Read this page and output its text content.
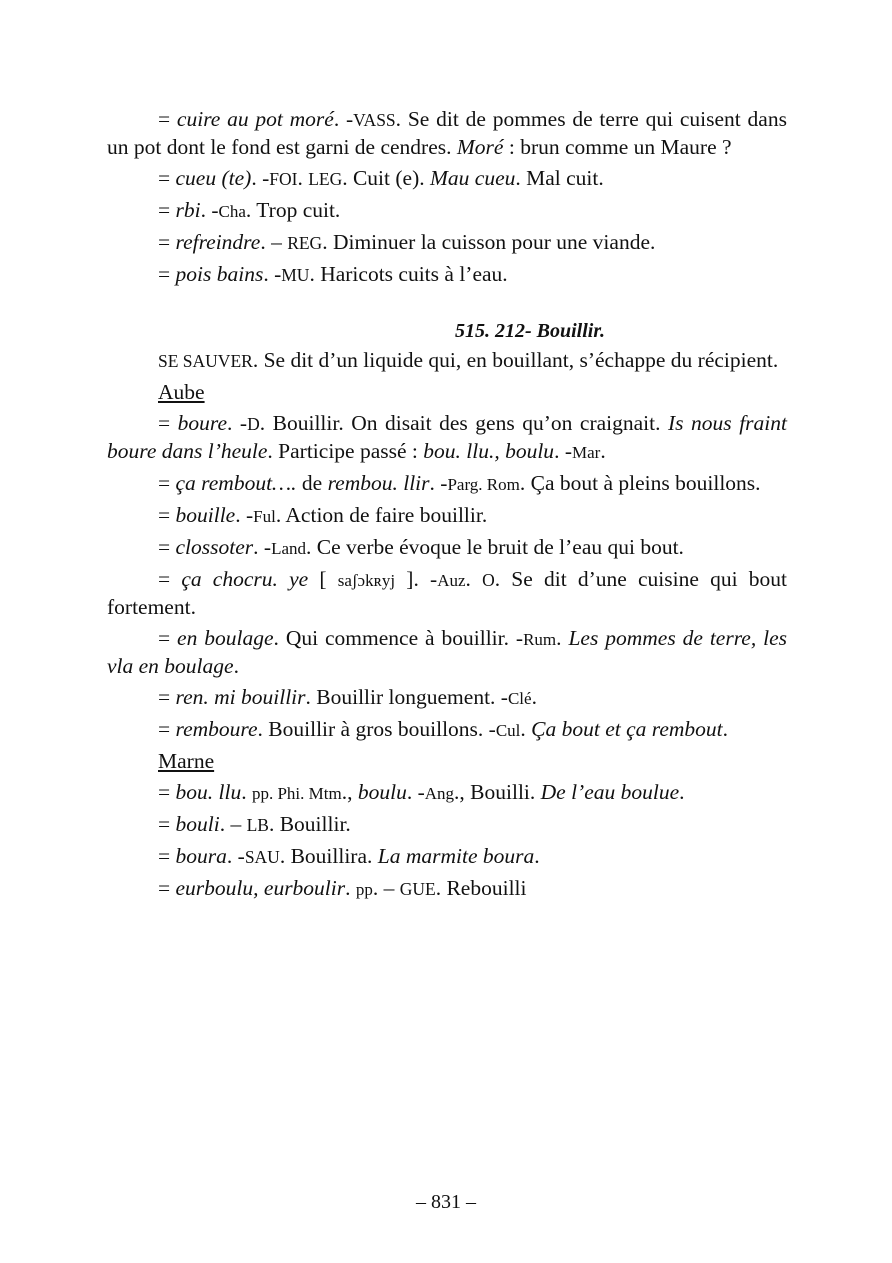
= cuire au pot moré. -VASS. Se dit de pommes de terre qui cuisent dans un pot dont le fond est garni de cendres. Moré : brun comme un Maure ?

= cueu (te). -FOI. LEG. Cuit (e). Mau cueu. Mal cuit.

= rbi. -Cha. Trop cuit.

= refreindre. – REG. Diminuer la cuisson pour une viande.

= pois bains. -MU. Haricots cuits à l’eau.

515. 212- Bouillir.

SE SAUVER. Se dit d’un liquide qui, en bouillant, s’échappe du récipient.

Aube

= boure. -D. Bouillir. On disait des gens qu’on craignait. Is nous fraint boure dans l’heule. Participe passé : bou. llu., boulu. -Mar.

= ça rembout…. de rembou. llir. -Parg. Rom. Ça bout à pleins bouillons.

= bouille. -Ful. Action de faire bouillir.

= clossoter. -Land. Ce verbe évoque le bruit de l’eau qui bout.

= ça chocru. ye [ saʃɔkʀyj ]. -Auz. O. Se dit d’une cuisine qui bout fortement.

= en boulage. Qui commence à bouillir. -Rum. Les pommes de terre, les vla en boulage.

= ren. mi bouillir. Bouillir longuement. -Clé.

= remboure. Bouillir à gros bouillons. -Cul. Ça bout et ça rembout.

Marne

= bou. llu. pp. Phi. Mtm., boulu. -Ang., Bouilli. De l’eau boulue.

= bouli. – LB. Bouillir.

= boura. -SAU. Bouillira. La marmite boura.

= eurboulu, eurboulir. pp. – GUE. Rebouilli

– 831 –
